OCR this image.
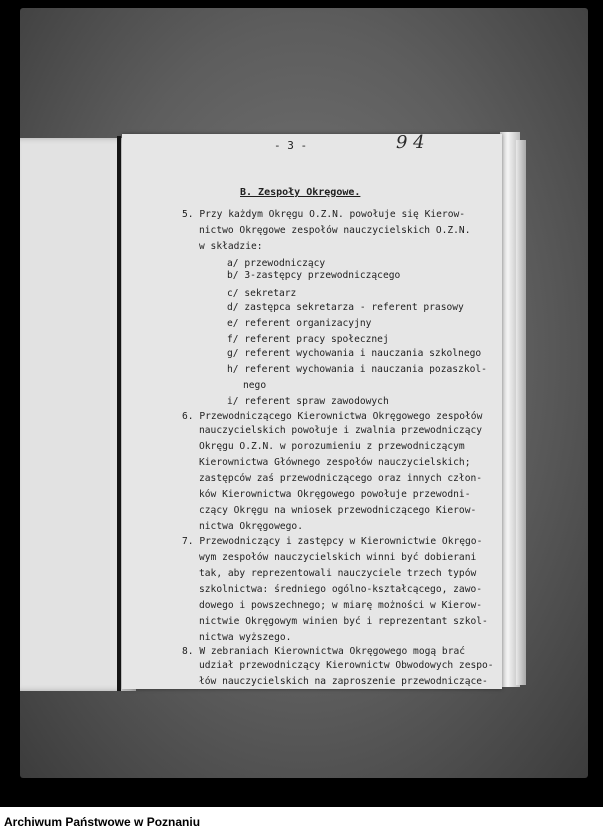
- 3 -	9 4
B. Zespoły Okręgowe.
5. Przy każdym Okręgu O.Z.N. powołuje się Kierow-
nictwo Okręgowe zespołów nauczycielskich O.Z.N.
w składzie:
a/ przewodniczący
b/ 3-zastępcy przewodniczącego
c/ sekretarz
d/ zastępca sekretarza - referent prasowy
e/ referent organizacyjny
f/ referent pracy społecznej
g/ referent wychowania i nauczania szkolnego
h/ referent wychowania i nauczania pozaszkol-
nego
i/ referent spraw zawodowych
6. Przewodniczącego Kierownictwa Okręgowego zespołów
nauczycielskich powołuje i zwalnia przewodniczący
Okręgu O.Z.N. w porozumieniu z przewodniczącym
Kierownictwa Głównego zespołów nauczycielskich;
zastępców zaś przewodniczącego oraz innych człon-
ków Kierownictwa Okręgowego powołuje przewodni-
czący Okręgu na wniosek przewodniczącego Kierow-
nictwa Okręgowego.
7. Przewodniczący i zastępcy w Kierownictwie Okręgo-
wym zespołów nauczycielskich winni być dobierani
tak, aby reprezentowali nauczyciele trzech typów
szkolnictwa: średniego ogólno-kształcącego, zawo-
dowego i powszechnego; w miarę możności w Kierow-
nictwie Okręgowym winien być i reprezentant szkol-
nictwa wyższego.
8. W zebraniach Kierownictwa Okręgowego mogą brać
udział przewodniczący Kierownictw Obwodowych zespo-
łów nauczycielskich na zaproszenie przewodniczące-
Archiwum Państwowe w Poznaniu
